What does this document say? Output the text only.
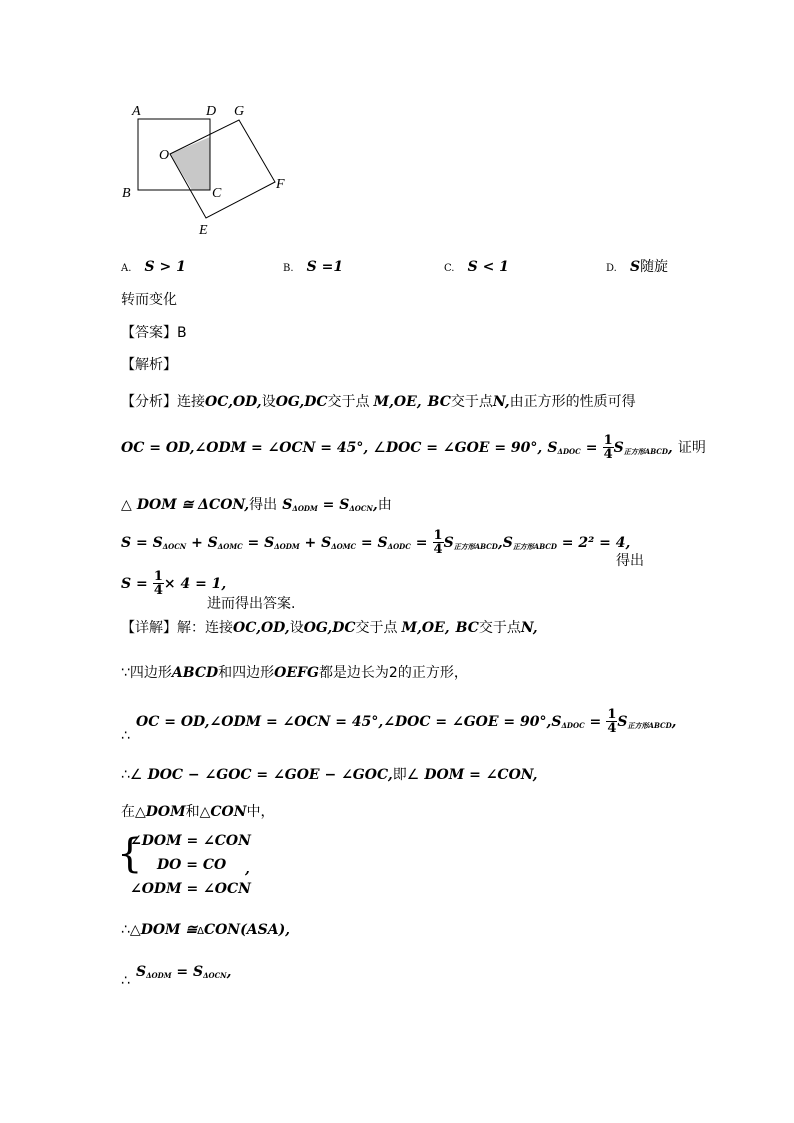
A	D G
O
B	C
F
E
A. S > 1	B. S =1	C. S < 1	D. S随旋
转而变化
【答案】B
【解析】
【分析】连接OC,OD,设OG,DC交于点 M,OE, BC交于点N,由正方形的性质可得
OC = OD,∠ODM = ∠OCN = 45°, ∠DOC = ∠GOE = 90°, $S_{\Delta DOC} = \frac{1}{4} S_{正方形ABCD}$, 证明
△ DOM ≅ ΔCON,得出 $S_{\Delta ODM} = S_{\Delta OCN}$,由
$S = S_{\Delta OCN} + S_{\Delta OMC} = S_{\Delta ODM} + S_{\Delta OMC} = S_{\Delta ODC} = \frac{1}{4} S_{正方形ABCD},S_{正方形ABCD} = 2^2 = 4$,
得出
$S = \frac{1}{4} \times 4 = 1$,
进而得出答案.
【详解】解：连接OC,OD,设OG,DC交于点 M,OE, BC交于点N,
∵四边形ABCD和四边形OEFG都是边长为2的正方形，
OC = OD,∠ODM = ∠OCN = 45°,∠DOC = ∠GOE = $90^\circ,S_{\Delta DOC} = \frac{1}{4} S_{正方形ABCD}$,
∴
∴∠ DOC − ∠GOC = ∠GOE − ∠GOC,即∠ DOM = ∠CON,
在△DOM和△CON中，
{
∠DOM = ∠CON
DO = CO ,
∠ODM = ∠OCN
∴△DOM ≅ΔCON(ASA),
$S_{\Delta ODM} = S_{\Delta OCN}$,
∴
